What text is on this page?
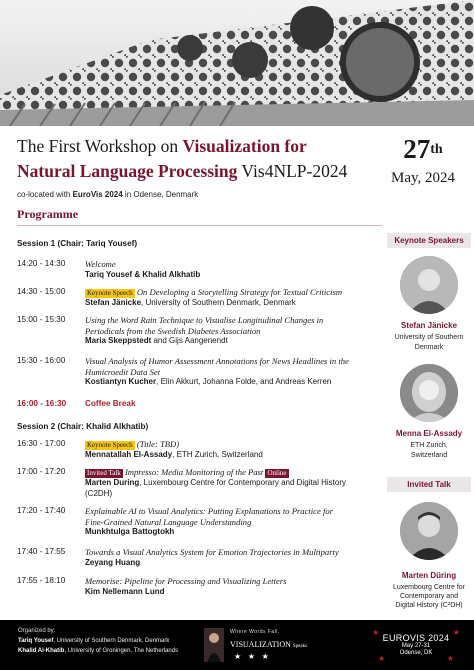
The First Workshop on Visualization for
Natural Language Processing Vis4NLP-2024
co-located with EuroVis 2024 in Odense, Denmark
27th
May, 2024
Programme
Session 1 (Chair: Tariq Yousef)
14:20 - 14:30	Welcome
Tariq Yousef & Khalid Alkhatib
14:30 - 15:00	Keynote Speech On Developing a Storytelling Strategy for Textual Criticism
Stefan Jänicke, University of Southern Denmark, Denmark
15:00 - 15:30	Using the Word Rain Technique to Visualise Longitudinal Changes in
Periodicals from the Swedish Diabetes Association
Maria Skeppstedt and Gijs Aangenendt
15:30 - 16:00	Visual Analysis of Humor Assessment Annotations for News Headlines in the
Humicroedit Data Set
Kostiantyn Kucher, Elin Akkurt, Johanna Folde, and Andreas Kerren
16:00 - 16:30	Coffee Break
Session 2 (Chair: Khalid Alkhatib)
16:30 - 17:00	Keynote Speech (Title: TBD)
Mennatallah El-Assady, ETH Zurich, Switzerland
17:00 - 17:20	Invited Talk Impresso: Media Monitoring of the Past Online
Marten During, Luxembourg Centre for Contemporary and Digital History
(C2DH)
17:20 - 17:40	Explainable AI to Visual Analytics: Putting Explanations to Practice for
Fine-Grained Natural Language Understanding
Munkhtulga Battogtokh
17:40 - 17:55	Towards a Visual Analytics System for Emotion Trajectories in Multiparty
Zeyang Huang
17:55 - 18:10	Memorise: Pipeline for Processing and Visualizing Letters
Kim Nellemann Lund
Keynote Speakers
Stefan Jänicke
University of Southern
Denmark
Menna El-Assady
ETH Zurich,
Switzerland
Invited Talk
Marten Düring
Luxembourg Centre for
Contemporary and
Digital History (C²DH)
Organized by:
Tariq Yousef, University of Southern Denmark, Denmark
Khalid Al-Khatib, University of Groningen, The Netherlands
Where Words Fall,
VISUALIZATION Speaks
★   ★   ★
★	★
★	★
EUROVIS 2024
May 27-31
Odense, DK
